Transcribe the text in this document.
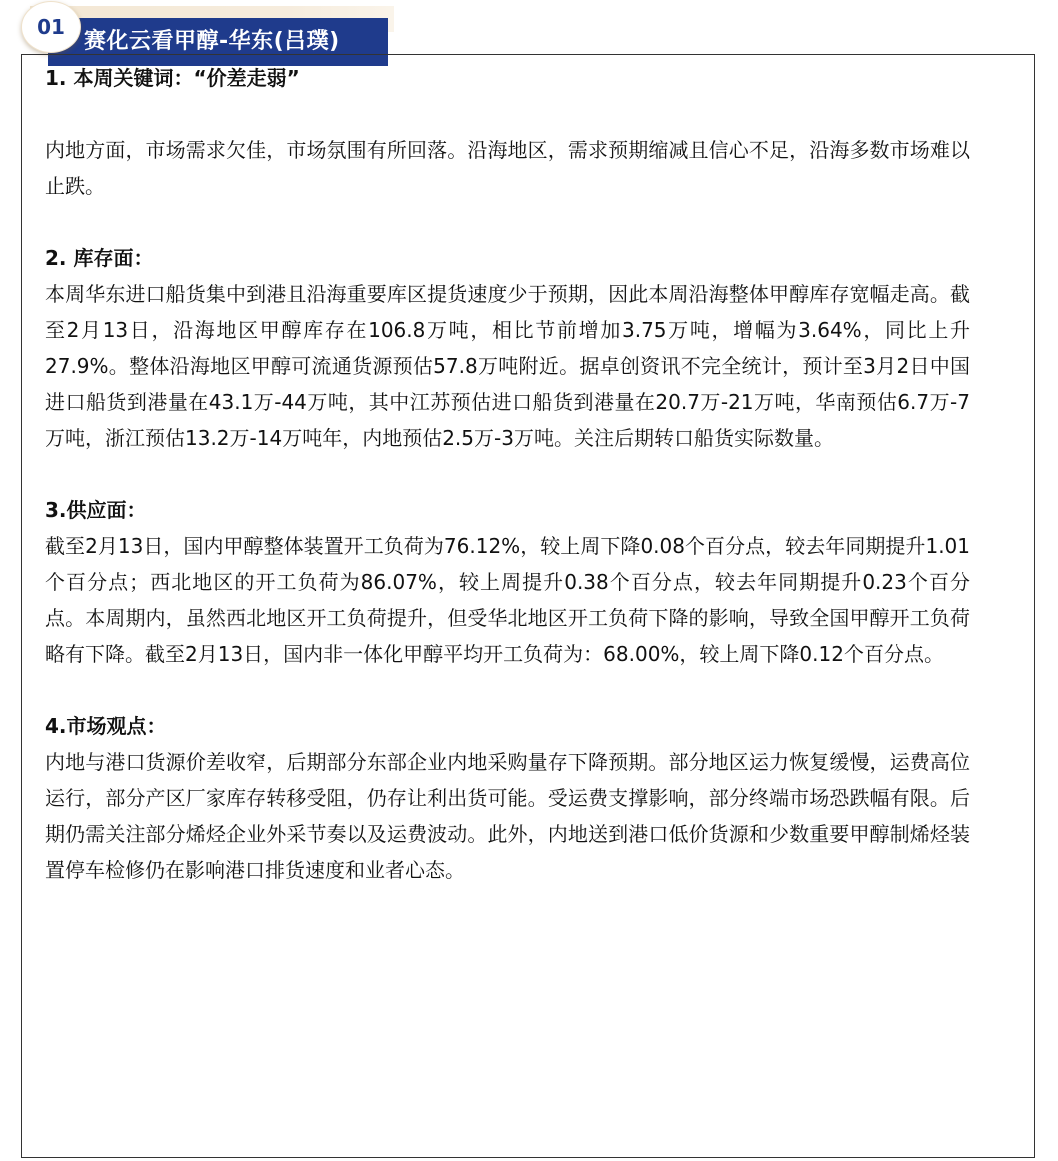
赛化云看甲醇-华东(吕璞)
01

1. 本周关键词：“价差走弱”

内地方面，市场需求欠佳，市场氛围有所回落。沿海地区，需求预期缩减且信心不足，沿海多数市场难以止跌。

2. 库存面：

本周华东进口船货集中到港且沿海重要库区提货速度少于预期，因此本周沿海整体甲醇库存宽幅走高。截至2月13日，沿海地区甲醇库存在106.8万吨，相比节前增加3.75万吨，增幅为3.64%，同比上升27.9%。整体沿海地区甲醇可流通货源预估57.8万吨附近。据卓创资讯不完全统计，预计至3月2日中国进口船货到港量在43.1万-44万吨，其中江苏预估进口船货到港量在20.7万-21万吨，华南预估6.7万-7万吨，浙江预估13.2万-14万吨年，内地预估2.5万-3万吨。关注后期转口船货实际数量。

3.供应面：

截至2月13日，国内甲醇整体装置开工负荷为76.12%，较上周下降0.08个百分点，较去年同期提升1.01个百分点；西北地区的开工负荷为86.07%，较上周提升0.38个百分点，较去年同期提升0.23个百分点。本周期内，虽然西北地区开工负荷提升，但受华北地区开工负荷下降的影响，导致全国甲醇开工负荷略有下降。截至2月13日，国内非一体化甲醇平均开工负荷为：68.00%，较上周下降0.12个百分点。

4.市场观点：

内地与港口货源价差收窄，后期部分东部企业内地采购量存下降预期。部分地区运力恢复缓慢，运费高位运行，部分产区厂家库存转移受阻，仍存让利出货可能。受运费支撑影响，部分终端市场恐跌幅有限。后期仍需关注部分烯烃企业外采节奏以及运费波动。此外，内地送到港口低价货源和少数重要甲醇制烯烃装置停车检修仍在影响港口排货速度和业者心态。
